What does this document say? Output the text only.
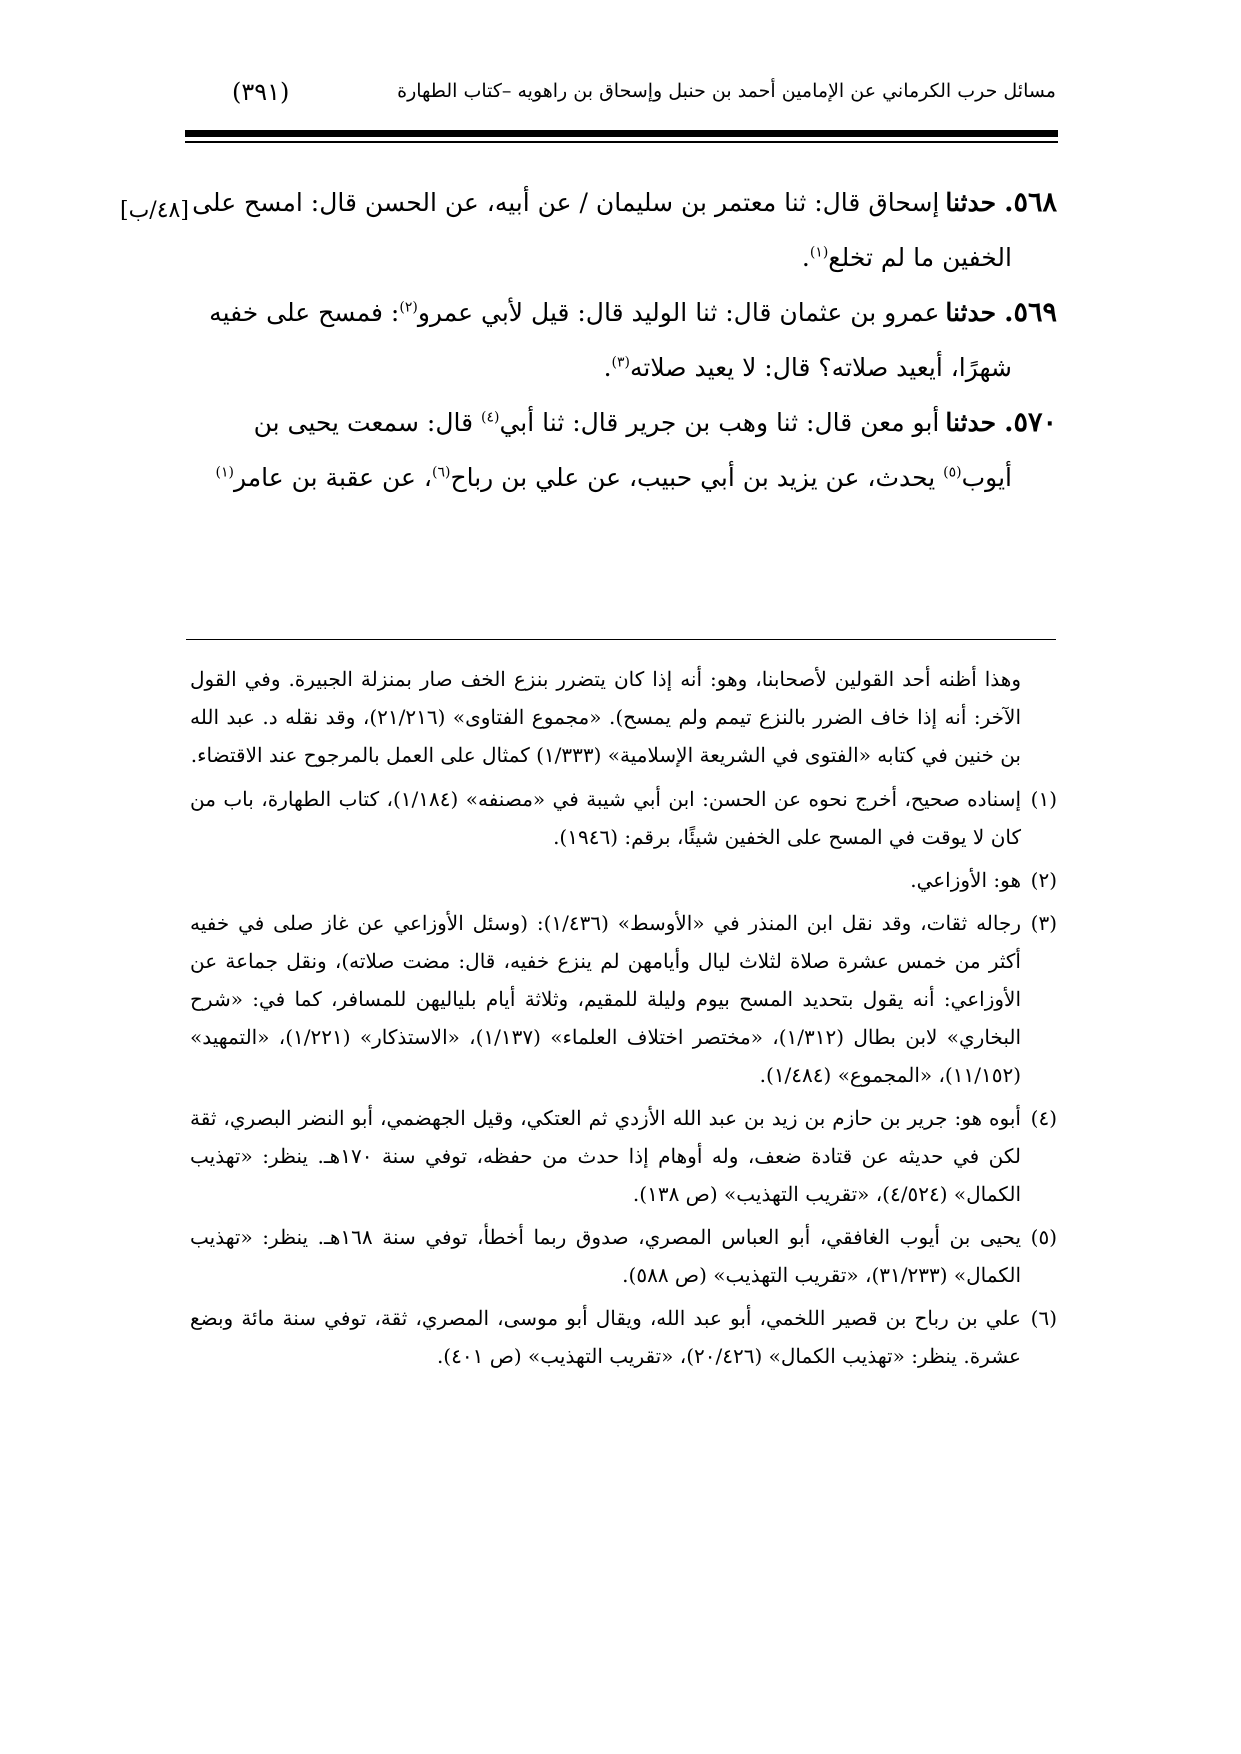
مسائل حرب الكرماني عن الإمامين أحمد بن حنبل وإسحاق بن راهويه –كتاب الطهارة
(٣٩١)
[٤٨/ب]	٥٦٨.حدثناإسحاق قال: ثنا معتمر بن سليمان / عن أبيه، عن الحسن قال: امسح على
الخفين ما لم تخلع$^{(١)}$.

٥٦٩.حدثناعمرو بن عثمان قال: ثنا الوليد قال: قيل لأبي عمرو$^{(٢)}$: فمسح على خفيه
شهرًا، أيعيد صلاته؟ قال: لا يعيد صلاته$^{(٣)}$.

٥٧٠.حدثناأبو معن قال: ثنا وهب بن جرير قال: ثنا أبي$^{(٤)}$ قال: سمعت يحيى بن
أيوب$^{(٥)}$ يحدث، عن يزيد بن أبي حبيب، عن علي بن رباح$^{(٦)}$، عن عقبة بن عامر$^{(١)}$

وهذا أظنه أحد القولين لأصحابنا، وهو: أنه إذا كان يتضرر بنزع الخف صار بمنزلة الجبيرة. وفي القول الآخر: أنه إذا خاف الضرر بالنزع تيمم ولم يمسح). «مجموع الفتاوى» (٢١/٢١٦)، وقد نقله د. عبد الله بن خنين في كتابه «الفتوى في الشريعة الإسلامية» (١/٣٣٣) كمثال على العمل بالمرجوح عند الاقتضاء.

(١)إسناده صحيح، أخرج نحوه عن الحسن: ابن أبي شيبة في «مصنفه» (١/١٨٤)، كتاب الطهارة، باب من كان لا يوقت في المسح على الخفين شيئًا، برقم: (١٩٤٦).

(٢)هو: الأوزاعي.

(٣)رجاله ثقات، وقد نقل ابن المنذر في «الأوسط» (١/٤٣٦): (وسئل الأوزاعي عن غاز صلى في خفيه أكثر من خمس عشرة صلاة لثلاث ليال وأيامهن لم ينزع خفيه، قال: مضت صلاته)، ونقل جماعة عن الأوزاعي: أنه يقول بتحديد المسح بيوم وليلة للمقيم، وثلاثة أيام بلياليهن للمسافر، كما في: «شرح البخاري» لابن بطال (١/٣١٢)، «مختصر اختلاف العلماء» (١/١٣٧)، «الاستذكار» (١/٢٢١)، «التمهيد» (١١/١٥٢)، «المجموع» (١/٤٨٤).

(٤)أبوه هو: جرير بن حازم بن زيد بن عبد الله الأزدي ثم العتكي، وقيل الجهضمي، أبو النضر البصري، ثقة لكن في حديثه عن قتادة ضعف، وله أوهام إذا حدث من حفظه، توفي سنة ١٧٠هـ. ينظر: «تهذيب الكمال» (٤/٥٢٤)، «تقريب التهذيب» (ص ١٣٨).

(٥)يحيى بن أيوب الغافقي، أبو العباس المصري، صدوق ربما أخطأ، توفي سنة ١٦٨هـ. ينظر: «تهذيب الكمال» (٣١/٢٣٣)، «تقريب التهذيب» (ص ٥٨٨).

(٦)علي بن رباح بن قصير اللخمي، أبو عبد الله، ويقال أبو موسى، المصري، ثقة، توفي سنة مائة وبضع عشرة. ينظر: «تهذيب الكمال» (٢٠/٤٢٦)، «تقريب التهذيب» (ص ٤٠١).
